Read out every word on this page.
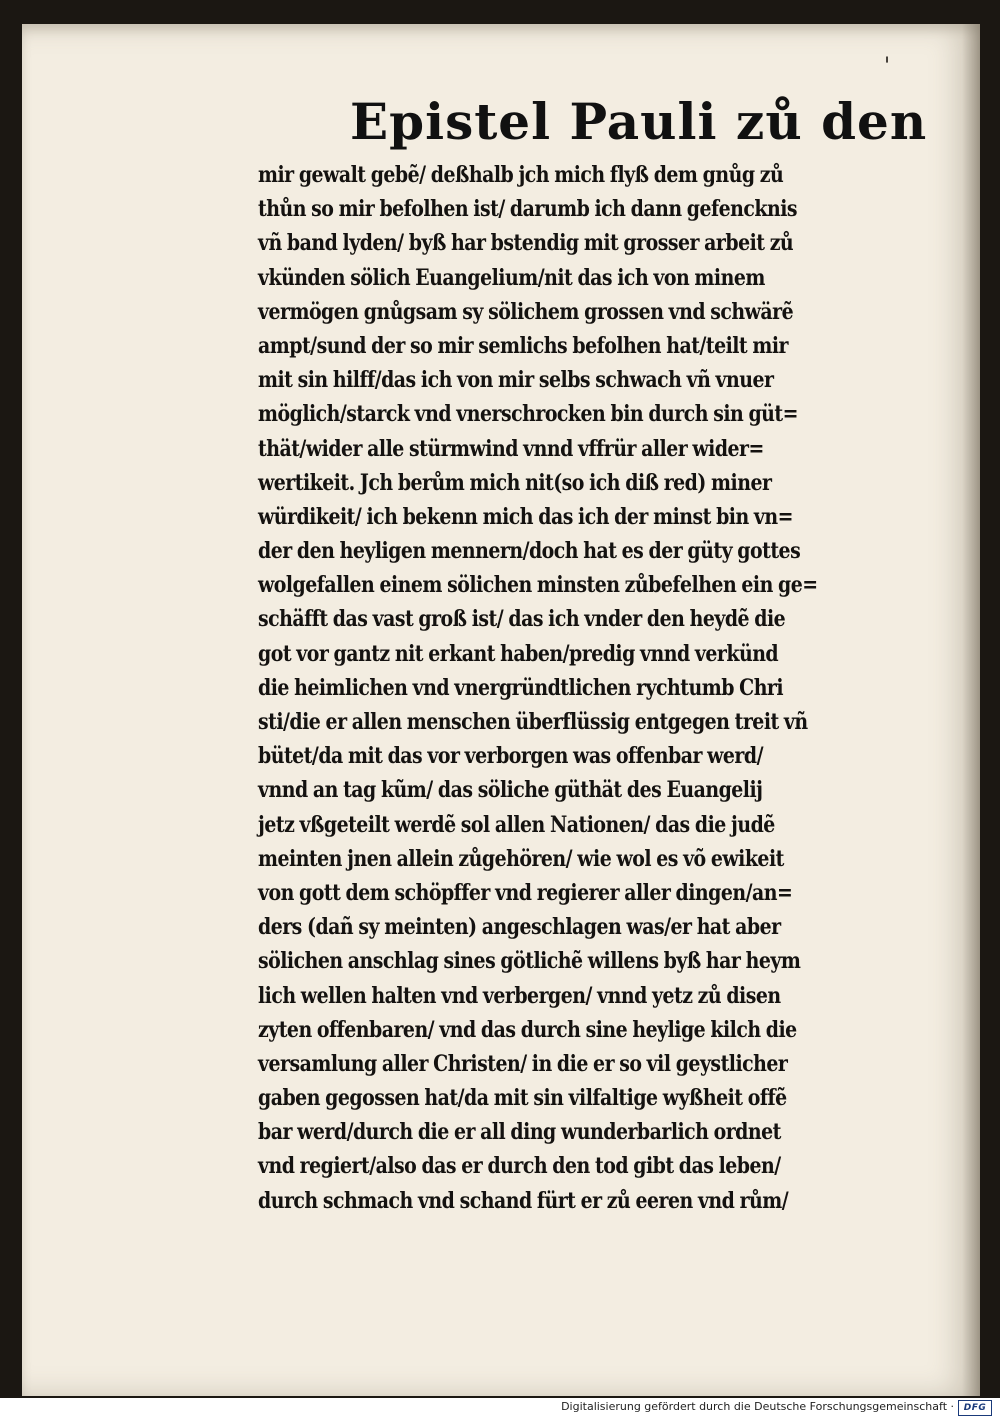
'
Epistel Pauli zů den
mir gewalt gebẽ/ deßhalb jch mich flyß dem gnůg zů
thůn so mir befolhen ist/ darumb ich dann gefencknis
vñ band lyden/ byß har bstendig mit grosser arbeit zů
vkünden sölich Euangelium/nit das ich von minem
vermögen gnůgsam sy sölichem grossen vnd schwärẽ
ampt/sund der so mir semlichs befolhen hat/teilt mir
mit sin hilff/das ich von mir selbs schwach vñ vnuer
möglich/starck vnd vnerschrocken bin durch sin güt=
thät/wider alle stürmwind vnnd vffrür aller wider=
wertikeit. Jch berům mich nit(so ich diß red) miner
würdikeit/ ich bekenn mich das ich der minst bin vn=
der den heyligen mennern/doch hat es der güty gottes
wolgefallen einem sölichen minsten zůbefelhen ein ge=
schäfft das vast groß ist/ das ich vnder den heydẽ die
got vor gantz nit erkant haben/predig vnnd verkünd
die heimlichen vnd vnergründtlichen rychtumb Chri
sti/die er allen menschen überflüssig entgegen treit vñ
bütet/da mit das vor verborgen was offenbar werd/
vnnd an tag kũm/ das söliche güthät des Euangelij
jetz vßgeteilt werdẽ sol allen Nationen/ das die judẽ
meinten jnen allein zůgehören/ wie wol es võ ewikeit
von gott dem schöpffer vnd regierer aller dingen/an=
ders (dañ sy meinten) angeschlagen was/er hat aber
sölichen anschlag sines götlichẽ willens byß har heym
lich wellen halten vnd verbergen/ vnnd yetz zů disen
zyten offenbaren/ vnd das durch sine heylige kilch die
versamlung aller Christen/ in die er so vil geystlicher
gaben gegossen hat/da mit sin vilfaltige wyßheit offẽ
bar werd/durch die er all ding wunderbarlich ordnet
vnd regiert/also das er durch den tod gibt das leben/
durch schmach vnd schand fürt er zů eeren vnd rům/
Digitalisierung gefördert durch die Deutsche Forschungsgemeinschaft ·	DFG
